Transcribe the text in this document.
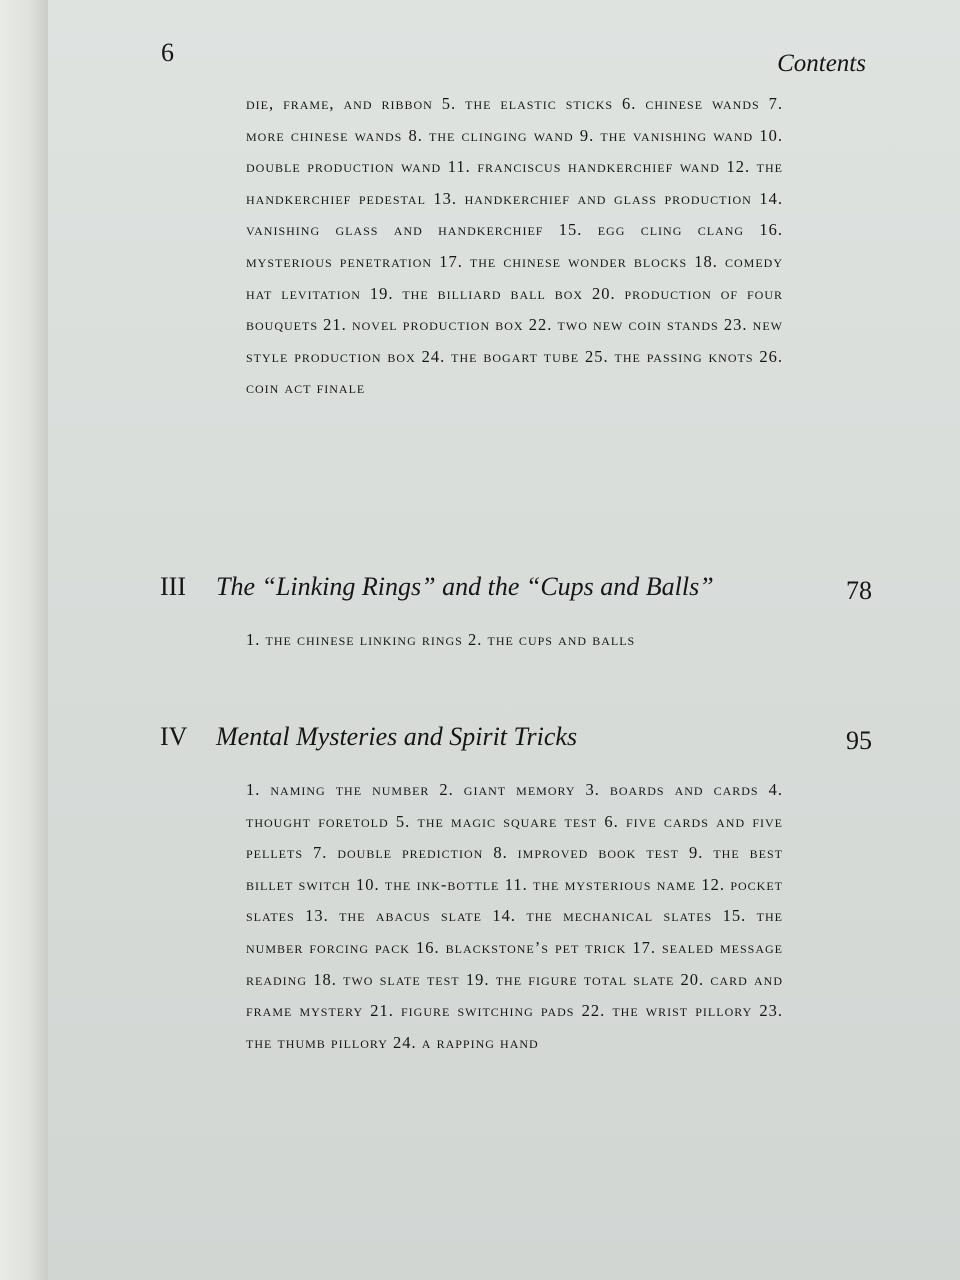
6	Contents
die, frame, and ribbon 5. the elastic sticks 6. chinese wands 7. more chinese wands 8. the clinging wand 9. the vanishing wand 10. double production wand 11. franciscus handkerchief wand 12. the handkerchief pedestal 13. handkerchief and glass production 14. vanishing glass and handkerchief 15. egg cling clang 16. mysterious penetration 17. the chinese wonder blocks 18. comedy hat levitation 19. the billiard ball box 20. production of four bouquets 21. novel production box 22. two new coin stands 23. new style production box 24. the bogart tube 25. the passing knots 26. coin act finale
III The “Linking Rings” and the “Cups and Balls”	78
1. the chinese linking rings 2. the cups and balls
IV Mental Mysteries and Spirit Tricks	95
1. naming the number 2. giant memory 3. boards and cards 4. thought foretold 5. the magic square test 6. five cards and five pellets 7. double prediction 8. improved book test 9. the best billet switch 10. the ink-bottle 11. the mysterious name 12. pocket slates 13. the abacus slate 14. the mechanical slates 15. the number forcing pack 16. blackstone’s pet trick 17. sealed message reading 18. two slate test 19. the figure total slate 20. card and frame mystery 21. figure switching pads 22. the wrist pillory 23. the thumb pillory 24. a rapping hand
